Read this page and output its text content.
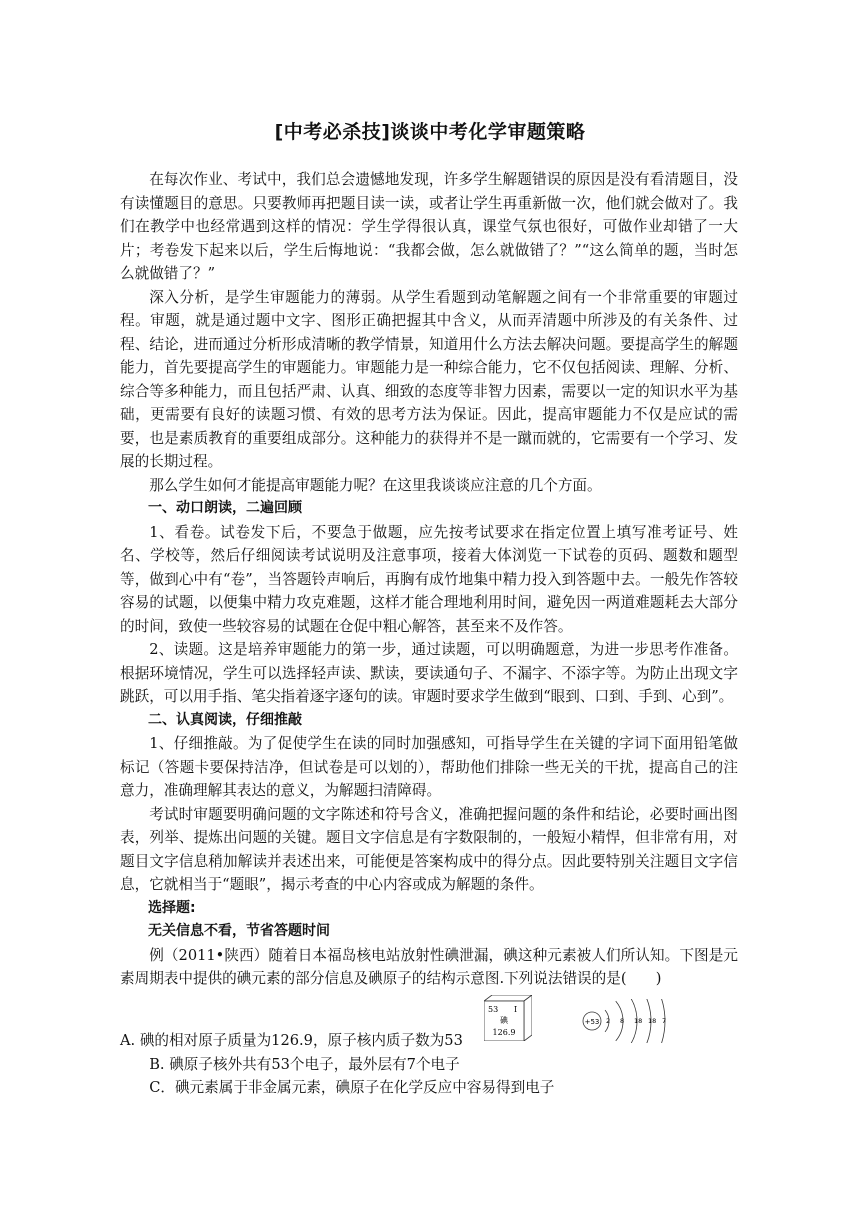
[中考必杀技]谈谈中考化学审题策略

在每次作业、考试中，我们总会遗憾地发现，许多学生解题错误的原因是没有看清题目，没有读懂题目的意思。只要教师再把题目读一读，或者让学生再重新做一次，他们就会做对了。我们在教学中也经常遇到这样的情况：学生学得很认真，课堂气氛也很好，可做作业却错了一大片；考卷发下起来以后，学生后悔地说：“我都会做，怎么就做错了？”“这么简单的题，当时怎么就做错了？”

深入分析，是学生审题能力的薄弱。从学生看题到动笔解题之间有一个非常重要的审题过程。审题，就是通过题中文字、图形正确把握其中含义，从而弄清题中所涉及的有关条件、过程、结论，进而通过分析形成清晰的教学情景，知道用什么方法去解决问题。要提高学生的解题能力，首先要提高学生的审题能力。审题能力是一种综合能力，它不仅包括阅读、理解、分析、综合等多种能力，而且包括严肃、认真、细致的态度等非智力因素，需要以一定的知识水平为基础，更需要有良好的读题习惯、有效的思考方法为保证。因此，提高审题能力不仅是应试的需要，也是素质教育的重要组成部分。这种能力的获得并不是一蹴而就的，它需要有一个学习、发展的长期过程。

那么学生如何才能提高审题能力呢？在这里我谈谈应注意的几个方面。

一、动口朗读，二遍回顾

1、看卷。试卷发下后，不要急于做题，应先按考试要求在指定位置上填写准考证号、姓名、学校等，然后仔细阅读考试说明及注意事项，接着大体浏览一下试卷的页码、题数和题型等，做到心中有“卷”，当答题铃声响后，再胸有成竹地集中精力投入到答题中去。一般先作答较容易的试题，以便集中精力攻克难题，这样才能合理地利用时间，避免因一两道难题耗去大部分的时间，致使一些较容易的试题在仓促中粗心解答，甚至来不及作答。

2、读题。这是培养审题能力的第一步，通过读题，可以明确题意，为进一步思考作准备。根据环境情况，学生可以选择轻声读、默读，要读通句子、不漏字、不添字等。为防止出现文字跳跃，可以用手指、笔尖指着逐字逐句的读。审题时要求学生做到“眼到、口到、手到、心到”。

二、认真阅读，仔细推敲

1、仔细推敲。为了促使学生在读的同时加强感知，可指导学生在关键的字词下面用铅笔做标记（答题卡要保持洁净，但试卷是可以划的），帮助他们排除一些无关的干扰，提高自己的注意力，准确理解其表达的意义，为解题扫清障碍。

考试时审题要明确问题的文字陈述和符号含义，准确把握问题的条件和结论，必要时画出图表，列举、提炼出问题的关键。题目文字信息是有字数限制的，一般短小精悍，但非常有用，对题目文字信息稍加解读并表述出来，可能便是答案构成中的得分点。因此要特别关注题目文字信息，它就相当于“题眼”，揭示考查的中心内容或成为解题的条件。

选择题:

无关信息不看，节省答题时间

例（2011•陕西）随着日本福岛核电站放射性碘泄漏，碘这种元素被人们所认知。下图是元素周期表中提供的碘元素的部分信息及碘原子的结构示意图.下列说法错误的是(　　)

A. 碘的相对原子质量为126.9，原子核内质子数为53
53 I
碘
126.9
+53 2 8 18 18 7

B. 碘原子核外共有53个电子，最外层有7个电子

C．碘元素属于非金属元素，碘原子在化学反应中容易得到电子
